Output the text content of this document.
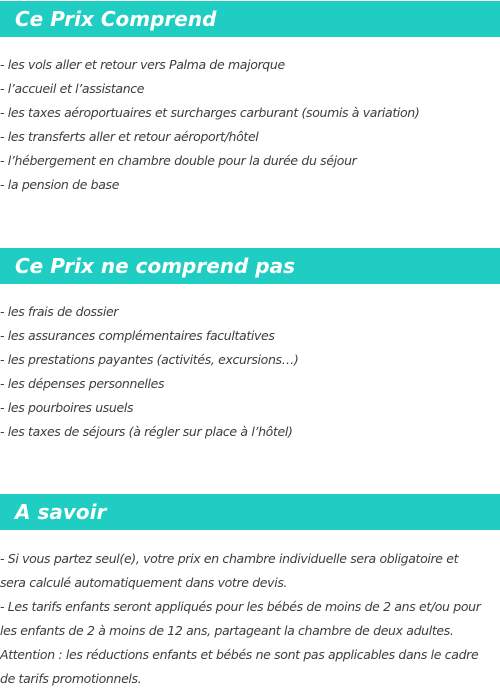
Ce Prix Comprend
- les vols aller et retour vers Palma de majorque
- l’accueil et l’assistance
- les taxes aéroportuaires et surcharges carburant (soumis à variation)
- les transferts aller et retour aéroport/hôtel
- l’hébergement en chambre double pour la durée du séjour
- la pension de base
Ce Prix ne comprend pas
- les frais de dossier
- les assurances complémentaires facultatives
- les prestations payantes (activités, excursions…)
- les dépenses personnelles
- les pourboires usuels
- les taxes de séjours (à régler sur place à l’hôtel)
A savoir

- Si vous partez seul(e), votre prix en chambre individuelle sera obligatoire et
sera calculé automatiquement dans votre devis.

- Les tarifs enfants seront appliqués pour les bébés de moins de 2 ans et/ou pour
les enfants de 2 à moins de 12 ans, partageant la chambre de deux adultes.
Attention : les réductions enfants et bébés ne sont pas applicables dans le cadre
de tarifs promotionnels.
